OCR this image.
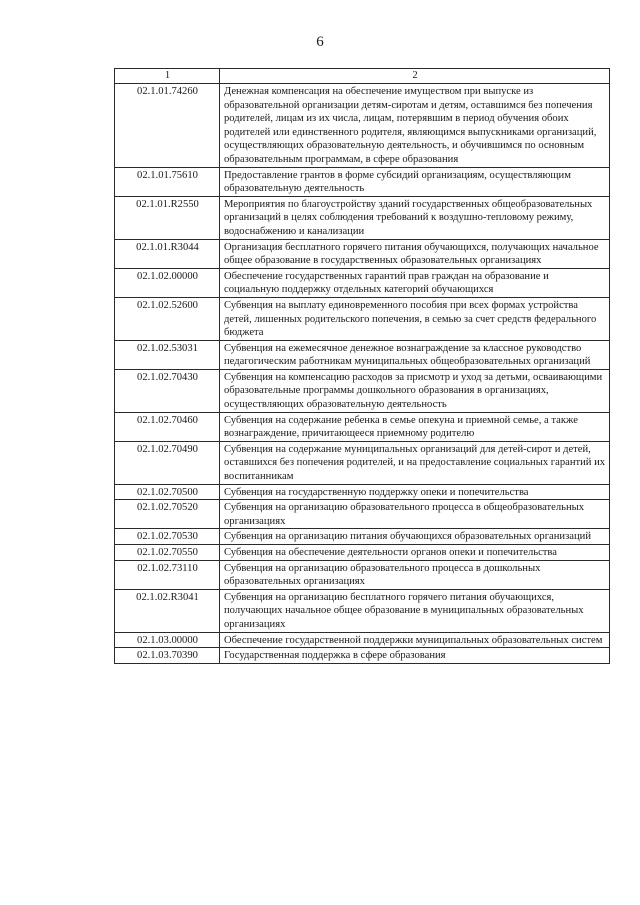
6
1	2
02.1.01.74260	Денежная компенсация на обеспечение имуществом при выпуске из образовательной организации детям-сиротам и детям, оставшимся без попечения родителей, лицам из их числа, лицам, потерявшим в период обучения обоих родителей или единственного родителя, являющимся выпускниками организаций, осуществляющих образовательную деятельность, и обучившимся по основным образовательным программам, в сфере образования
02.1.01.75610	Предоставление грантов в форме субсидий организациям, осуществляющим образовательную деятельность
02.1.01.R2550	Мероприятия по благоустройству зданий государственных общеобразовательных организаций в целях соблюдения требований к воздушно-тепловому режиму, водоснабжению и канализации
02.1.01.R3044	Организация бесплатного горячего питания обучающихся, получающих начальное общее образование в государственных образовательных организациях
02.1.02.00000	Обеспечение государственных гарантий прав граждан на образование и социальную поддержку отдельных категорий обучающихся
02.1.02.52600	Субвенция на выплату единовременного пособия при всех формах устройства детей, лишенных родительского попечения, в семью за счет средств федерального бюджета
02.1.02.53031	Субвенция на ежемесячное денежное вознаграждение за классное руководство педагогическим работникам муниципальных общеобразовательных организаций
02.1.02.70430	Субвенция на компенсацию расходов за присмотр и уход за детьми, осваивающими образовательные программы дошкольного образования в организациях, осуществляющих образовательную деятельность
02.1.02.70460	Субвенция на содержание ребенка в семье опекуна и приемной семье, а также вознаграждение, причитающееся приемному родителю
02.1.02.70490	Субвенция на содержание муниципальных организаций для детей-сирот и детей, оставшихся без попечения родителей, и на предоставление социальных гарантий их воспитанникам
02.1.02.70500	Субвенция на государственную поддержку опеки и попечительства
02.1.02.70520	Субвенция на организацию образовательного процесса в общеобразовательных организациях
02.1.02.70530	Субвенция на организацию питания обучающихся образовательных организаций
02.1.02.70550	Субвенция на обеспечение деятельности органов опеки и попечительства
02.1.02.73110	Субвенция на организацию образовательного процесса в дошкольных образовательных организациях
02.1.02.R3041	Субвенция на организацию бесплатного горячего питания обучающихся, получающих начальное общее образование в муниципальных образовательных организациях
02.1.03.00000	Обеспечение государственной поддержки муниципальных образовательных систем
02.1.03.70390	Государственная поддержка в сфере образования
